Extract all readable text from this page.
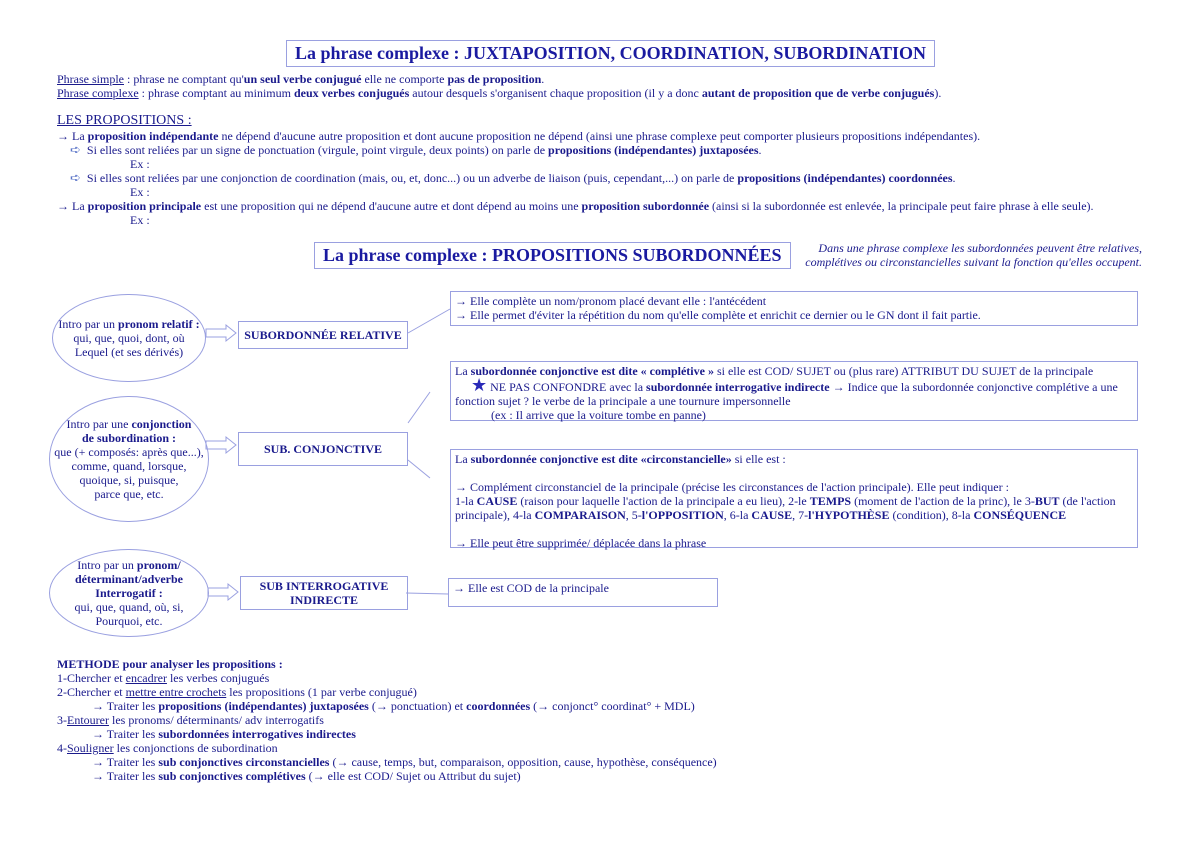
La phrase complexe : JUXTAPOSITION, COORDINATION, SUBORDINATION
Phrase simple : phrase ne comptant qu'un seul verbe conjugué elle ne comporte pas de proposition.
Phrase complexe : phrase comptant au minimum deux verbes conjugués autour desquels s'organisent chaque proposition (il y a donc autant de proposition que de verbe conjugués).
LES PROPOSITIONS :
→ La proposition indépendante ne dépend d'aucune autre proposition et dont aucune proposition ne dépend (ainsi une phrase complexe peut comporter plusieurs propositions indépendantes).
➪ Si elles sont reliées par un signe de ponctuation (virgule, point virgule, deux points) on parle de propositions (indépendantes) juxtaposées.
Ex :
➪ Si elles sont reliées par une conjonction de coordination (mais, ou, et, donc...) ou un adverbe de liaison (puis, cependant,...) on parle de propositions (indépendantes) coordonnées.
Ex :
→ La proposition principale est une proposition qui ne dépend d'aucune autre et dont dépend au moins une proposition subordonnée (ainsi si la subordonnée est enlevée, la principale peut faire phrase à elle seule).
Ex :
La phrase complexe : PROPOSITIONS SUBORDONNÉES	Dans une phrase complexe les subordonnées peuvent être relatives,
complétives ou circonstancielles suivant la fonction qu'elles occupent.
Intro par un pronom relatif :
qui, que, quoi, dont, où
Lequel (et ses dérivés)
SUBORDONNÉE RELATIVE
→ Elle complète un nom/pronom placé devant elle : l'antécédent
→ Elle permet d'éviter la répétition du nom qu'elle complète et enrichit ce dernier ou le GN dont il fait partie.
Intro par une conjonction
de subordination :
que (+ composés: après que...),
comme, quand, lorsque,
quoique, si, puisque,
parce que, etc.
SUB. CONJONCTIVE
La subordonnée conjonctive est dite « complétive » si elle est COD/ SUJET ou (plus rare) ATTRIBUT DU SUJET de la principale
★ NE PAS CONFONDRE avec la subordonnée interrogative indirecte → Indice que la subordonnée conjonctive complétive a une
fonction sujet ? le verbe de la principale a une tournure impersonnelle
(ex : Il arrive que la voiture tombe en panne)
La subordonnée conjonctive est dite «circonstancielle» si elle est :

→ Complément circonstanciel de la principale (précise les circonstances de l'action principale). Elle peut indiquer :
1-la CAUSE (raison pour laquelle l'action de la principale a eu lieu), 2-le TEMPS (moment de l'action de la princ), le 3-BUT (de l'action
principale), 4-la COMPARAISON, 5-l'OPPOSITION, 6-la CAUSE, 7-l'HYPOTHÈSE (condition), 8-la CONSÉQUENCE

→ Elle peut être supprimée/ déplacée dans la phrase
Intro par un pronom/
déterminant/adverbe
Interrogatif :
qui, que, quand, où, si,
Pourquoi, etc.
SUB INTERROGATIVE
INDIRECTE
→ Elle est COD de la principale
METHODE pour analyser les propositions :
1-Chercher et encadrer les verbes conjugués
2-Chercher et mettre entre crochets les propositions (1 par verbe conjugué)
→ Traiter les propositions (indépendantes) juxtaposées (→ ponctuation) et coordonnées (→ conjonct° coordinat° + MDL)
3-Entourer les pronoms/ déterminants/ adv interrogatifs
→ Traiter les subordonnées interrogatives indirectes
4-Souligner les conjonctions de subordination
→ Traiter les sub conjonctives circonstancielles (→ cause, temps, but, comparaison, opposition, cause, hypothèse, conséquence)
→ Traiter les sub conjonctives complétives (→ elle est COD/ Sujet ou Attribut du sujet)
